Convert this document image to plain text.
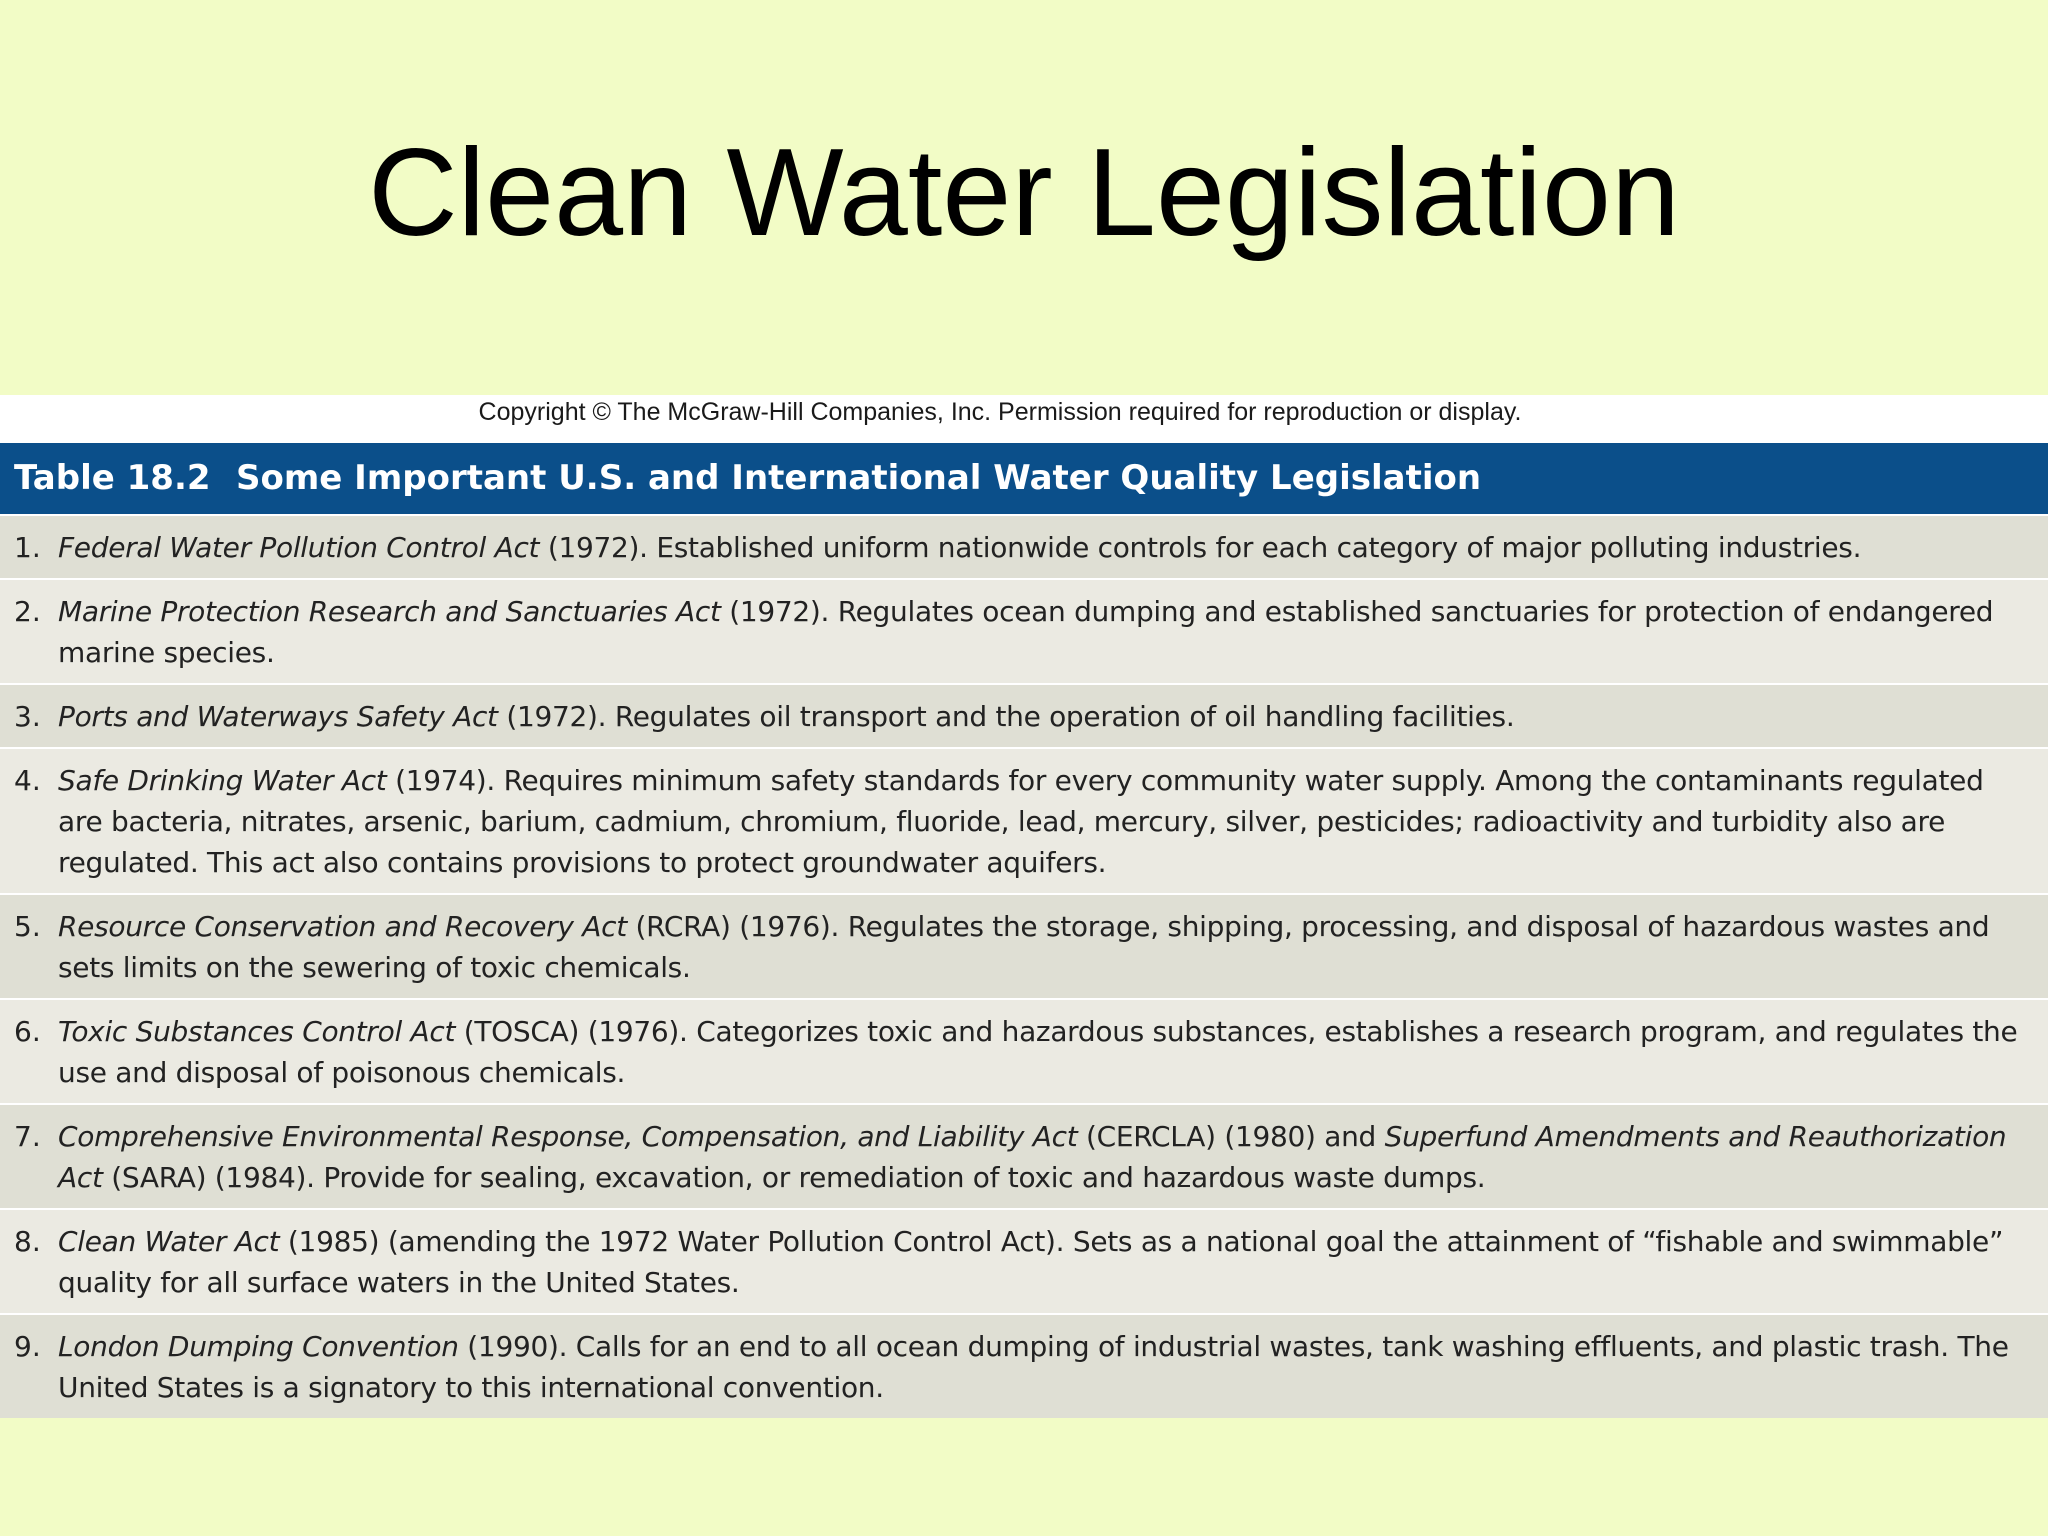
Clean Water Legislation
Copyright © The McGraw-Hill Companies, Inc. Permission required for reproduction or display.
Table 18.2 Some Important U.S. and International Water Quality Legislation
1. Federal Water Pollution Control Act (1972). Established uniform nationwide controls for each category of major polluting industries.
2. Marine Protection Research and Sanctuaries Act (1972). Regulates ocean dumping and established sanctuaries for protection of endangered marine species.
3. Ports and Waterways Safety Act (1972). Regulates oil transport and the operation of oil handling facilities.
4. Safe Drinking Water Act (1974). Requires minimum safety standards for every community water supply. Among the contaminants regulated are bacteria, nitrates, arsenic, barium, cadmium, chromium, fluoride, lead, mercury, silver, pesticides; radioactivity and turbidity also are regulated. This act also contains provisions to protect groundwater aquifers.
5. Resource Conservation and Recovery Act (RCRA) (1976). Regulates the storage, shipping, processing, and disposal of hazardous wastes and sets limits on the sewering of toxic chemicals.
6. Toxic Substances Control Act (TOSCA) (1976). Categorizes toxic and hazardous substances, establishes a research program, and regulates the use and disposal of poisonous chemicals.
7. Comprehensive Environmental Response, Compensation, and Liability Act (CERCLA) (1980) and Superfund Amendments and Reauthorization Act (SARA) (1984). Provide for sealing, excavation, or remediation of toxic and hazardous waste dumps.
8. Clean Water Act (1985) (amending the 1972 Water Pollution Control Act). Sets as a national goal the attainment of “fishable and swimmable” quality for all surface waters in the United States.
9. London Dumping Convention (1990). Calls for an end to all ocean dumping of industrial wastes, tank washing effluents, and plastic trash. The United States is a signatory to this international convention.
